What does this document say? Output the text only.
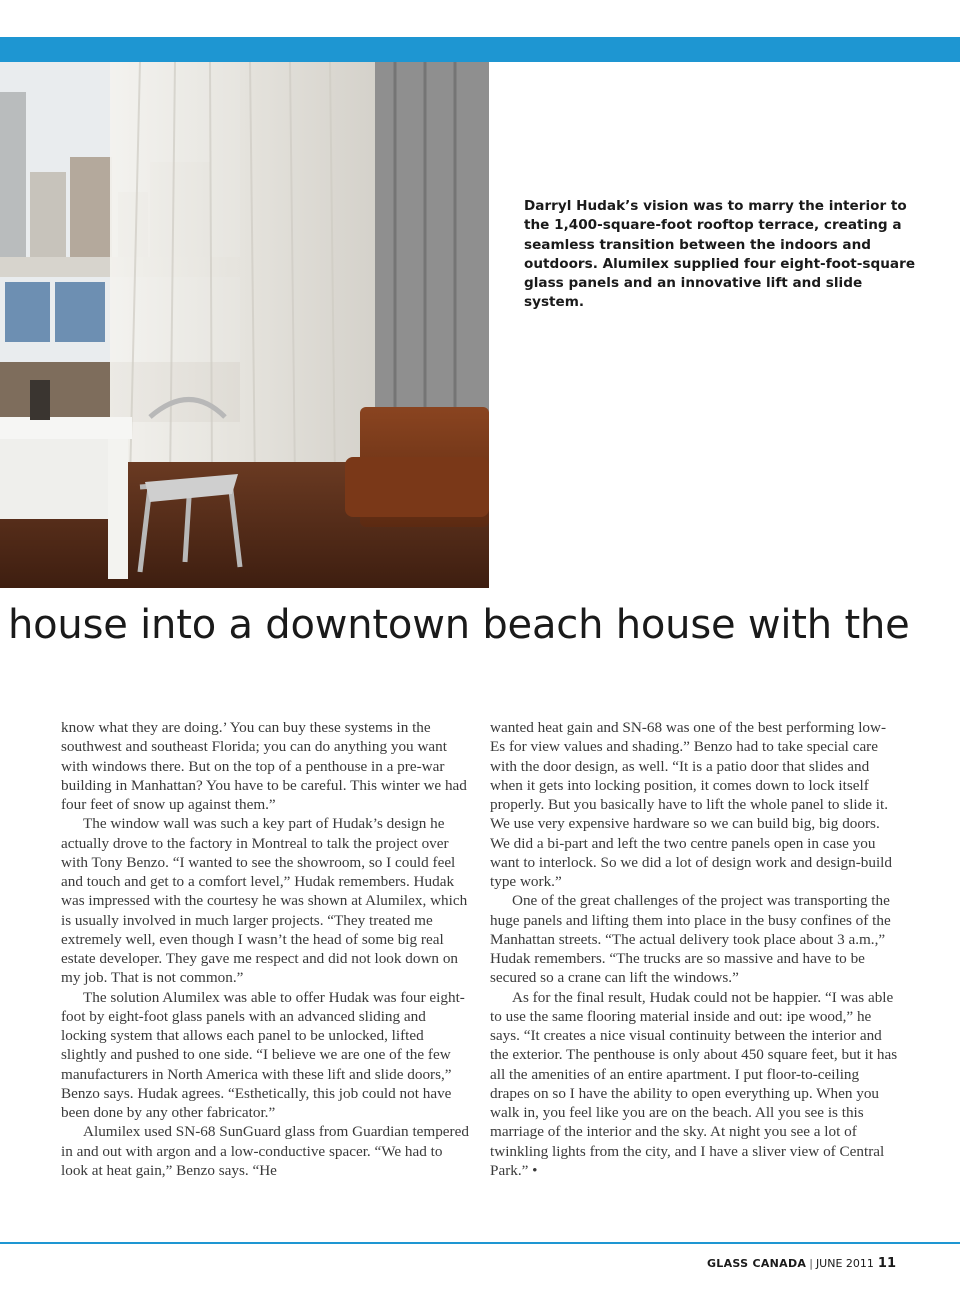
Darryl Hudak’s vision was to marry the interior to the 1,400-square-foot rooftop terrace, creating a seamless transition between the indoors and outdoors. Alumilex supplied four eight-foot-square glass panels and an innovative lift and slide system.
house into a downtown beach house with the

know what they are doing.’ You can buy these systems in the southwest and southeast Florida; you can do anything you want with windows there. But on the top of a penthouse in a pre-war building in Manhattan? You have to be careful. This winter we had four feet of snow up against them.”

The window wall was such a key part of Hudak’s design he actually drove to the factory in Montreal to talk the project over with Tony Benzo. “I wanted to see the showroom, so I could feel and touch and get to a comfort level,” Hudak remembers. Hudak was impressed with the courtesy he was shown at Alumilex, which is usually involved in much larger projects. “They treated me extremely well, even though I wasn’t the head of some big real estate developer. They gave me respect and did not look down on my job. That is not common.”

The solution Alumilex was able to offer Hudak was four eight-foot by eight-foot glass panels with an advanced sliding and locking system that allows each panel to be unlocked, lifted slightly and pushed to one side. “I believe we are one of the few manufacturers in North America with these lift and slide doors,” Benzo says. Hudak agrees. “Esthetically, this job could not have been done by any other fabricator.”

Alumilex used SN-68 SunGuard glass from Guardian tempered in and out with argon and a low-conductive spacer. “We had to look at heat gain,” Benzo says. “He

wanted heat gain and SN-68 was one of the best performing low-Es for view values and shading.” Benzo had to take special care with the door design, as well. “It is a patio door that slides and when it gets into locking position, it comes down to lock itself properly. But you basically have to lift the whole panel to slide it. We use very expensive hardware so we can build big, big doors. We did a bi-part and left the two centre panels open in case you want to interlock. So we did a lot of design work and design-build type work.”

One of the great challenges of the project was transporting the huge panels and lifting them into place in the busy confines of the Manhattan streets. “The actual delivery took place about 3 a.m.,” Hudak remembers. “The trucks are so massive and have to be secured so a crane can lift the windows.”

As for the final result, Hudak could not be happier. “I was able to use the same flooring material inside and out: ipe wood,” he says. “It creates a nice visual continuity between the interior and the exterior. The penthouse is only about 450 square feet, but it has all the amenities of an entire apartment. I put floor-to-ceiling drapes on so I have the ability to open everything up. When you walk in, you feel like you are on the beach. All you see is this marriage of the interior and the sky. At night you see a lot of twinkling lights from the city, and I have a sliver view of Central Park.” •

GLASS CANADA | JUNE 2011 11
